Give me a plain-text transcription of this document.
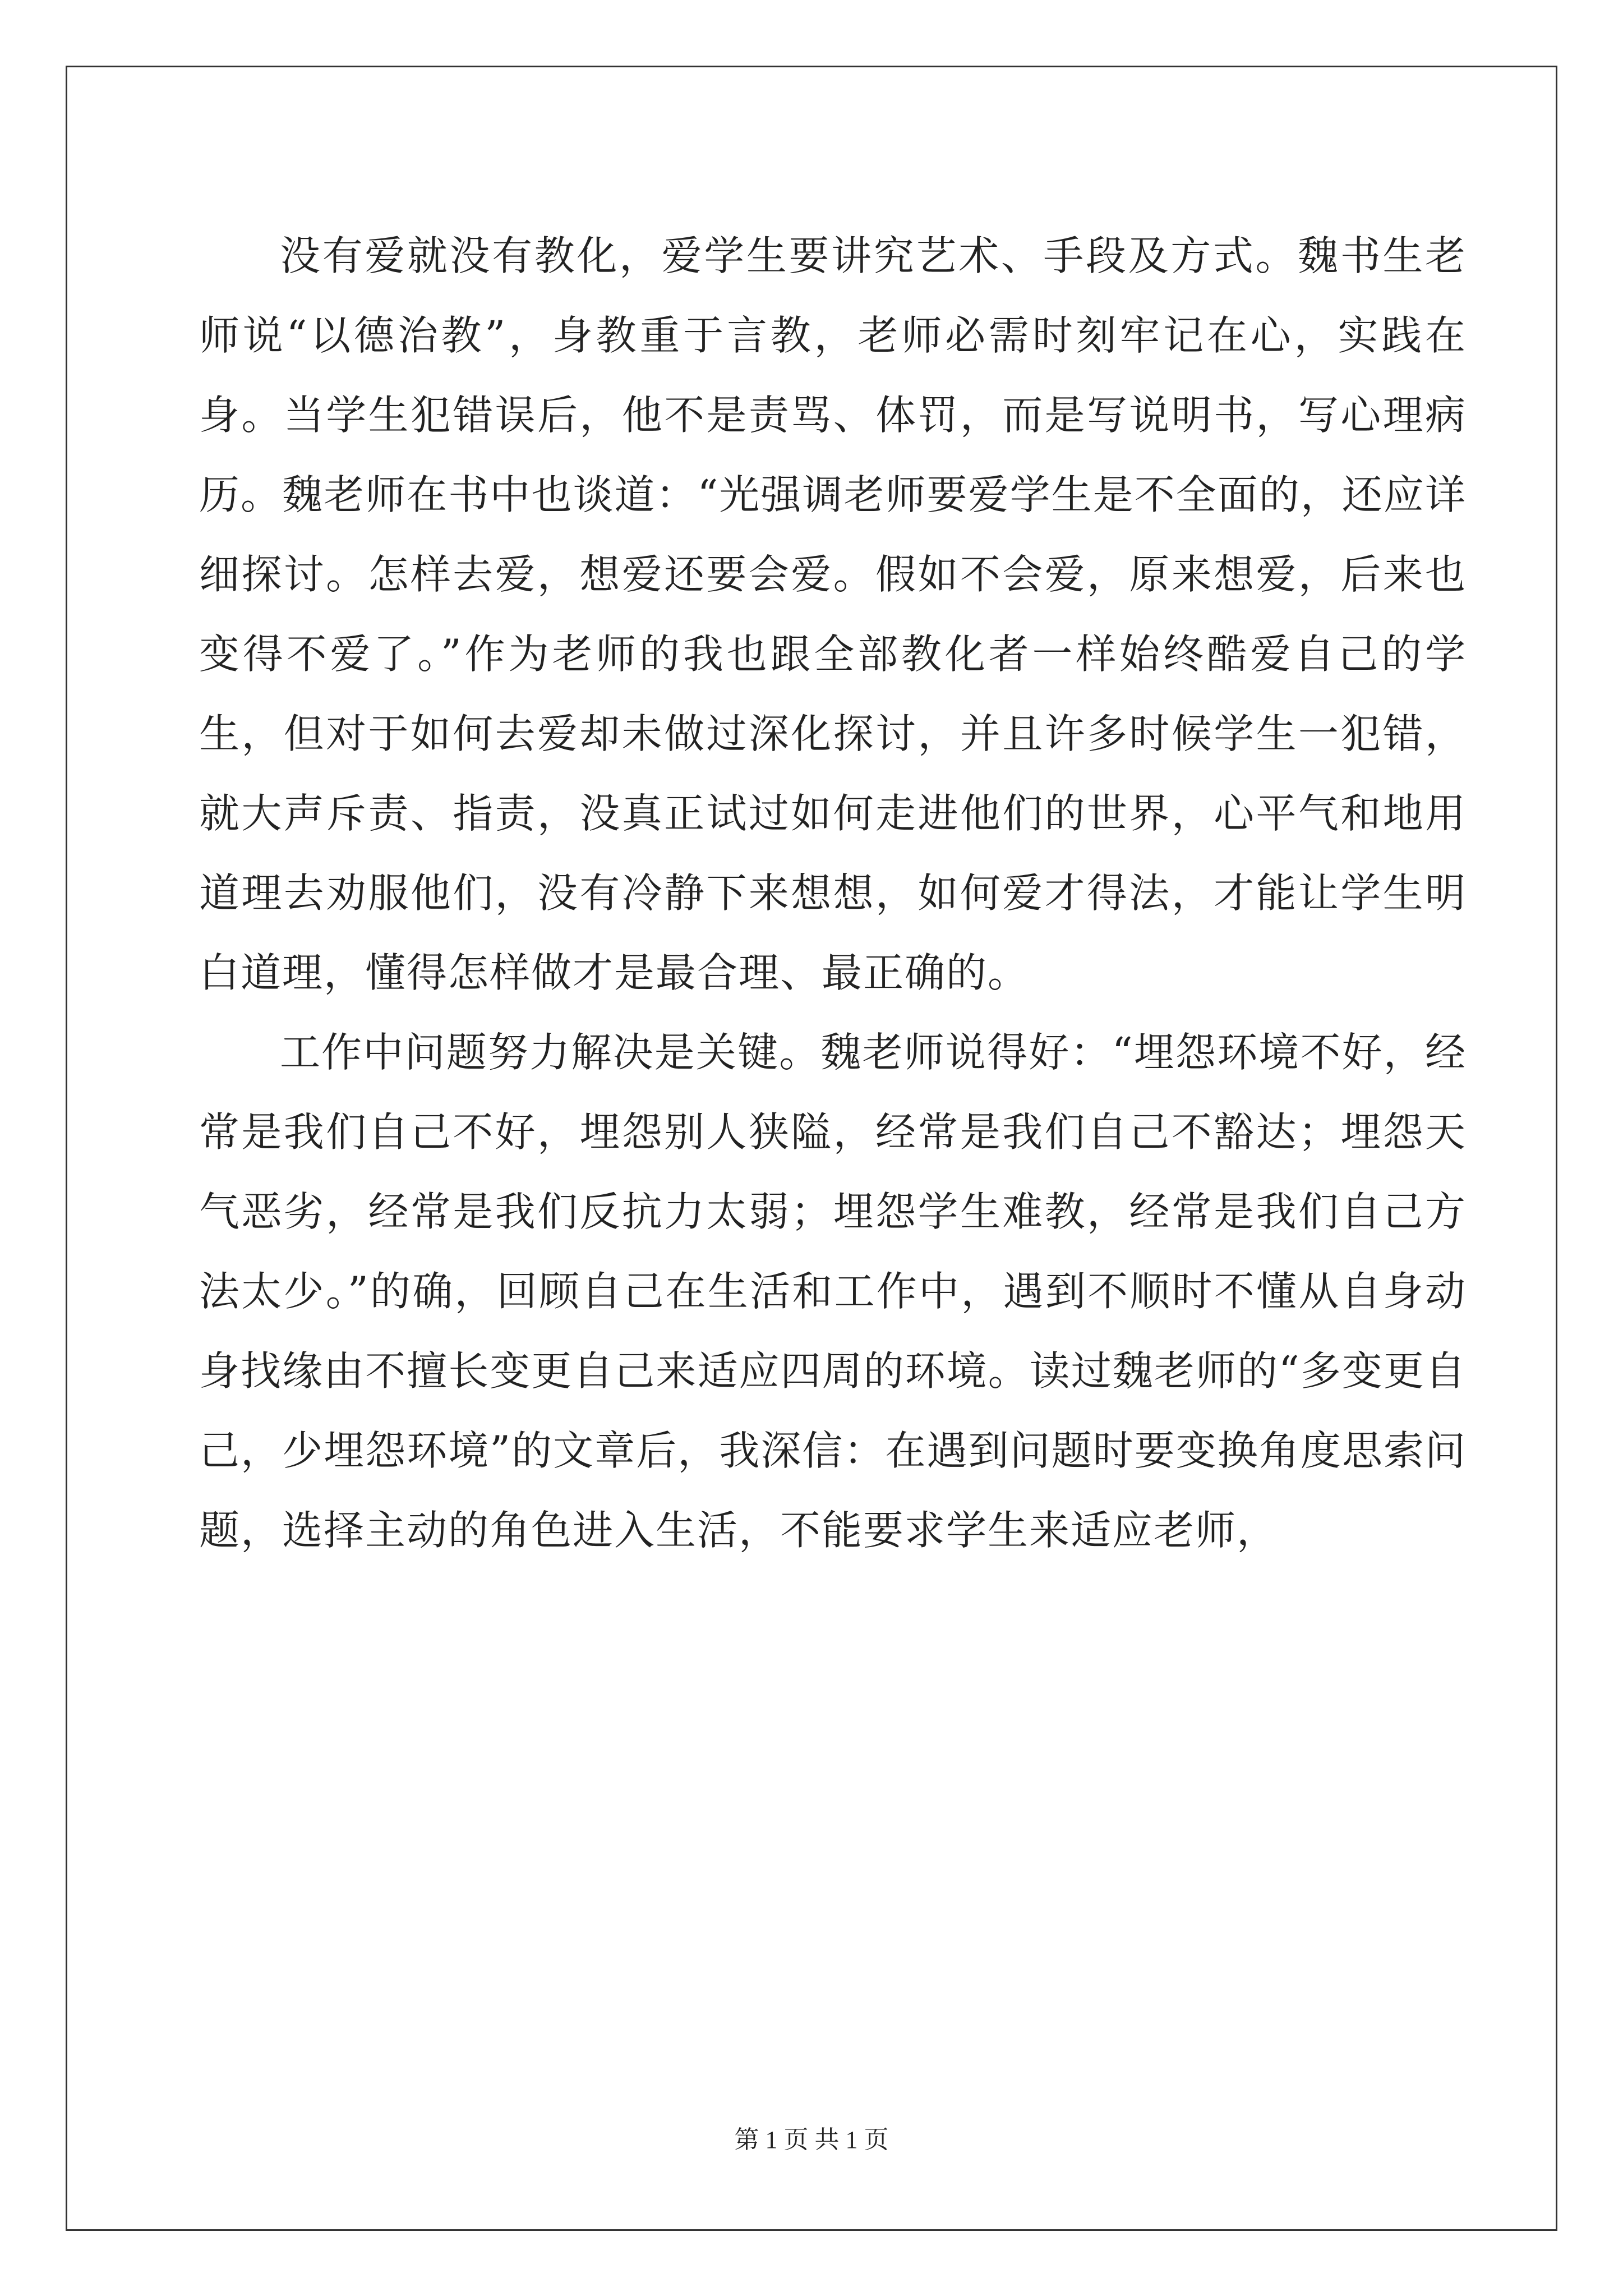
没有爱就没有教化，爱学生要讲究艺术、手段及方式。魏书生老师说“以德治教”，身教重于言教，老师必需时刻牢记在心，实践在身。当学生犯错误后，他不是责骂、体罚，而是写说明书，写心理病历。魏老师在书中也谈道：“光强调老师要爱学生是不全面的，还应详细探讨。怎样去爱，想爱还要会爱。假如不会爱，原来想爱，后来也变得不爱了。”作为老师的我也跟全部教化者一样始终酷爱自己的学生，但对于如何去爱却未做过深化探讨，并且许多时候学生一犯错，就大声斥责、指责，没真正试过如何走进他们的世界，心平气和地用道理去劝服他们，没有冷静下来想想，如何爱才得法，才能让学生明白道理，懂得怎样做才是最合理、最正确的。

工作中问题努力解决是关键。魏老师说得好：“埋怨环境不好，经常是我们自己不好，埋怨别人狭隘，经常是我们自己不豁达；埋怨天气恶劣，经常是我们反抗力太弱；埋怨学生难教，经常是我们自己方法太少。”的确，回顾自己在生活和工作中，遇到不顺时不懂从自身动身找缘由不擅长变更自己来适应四周的环境。读过魏老师的“多变更自己，少埋怨环境”的文章后，我深信：在遇到问题时要变换角度思索问题，选择主动的角色进入生活，不能要求学生来适应老师，

第 1 页 共 1 页
